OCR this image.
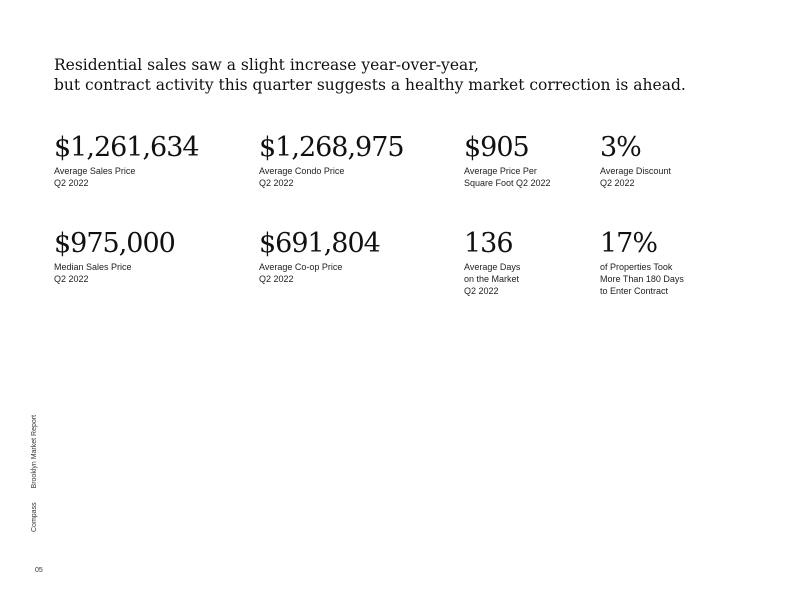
Residential sales saw a slight increase year-over-year,
but contract activity this quarter suggests a healthy market correction is ahead.
$1,261,634
Average Sales Price
Q2 2022
$1,268,975
Average Condo Price
Q2 2022
$905
Average Price Per
Square Foot Q2 2022
3%
Average Discount
Q2 2022
$975,000
Median Sales Price
Q2 2022
$691,804
Average Co-op Price
Q2 2022
136
Average Days
on the Market
Q2 2022
17%
of Properties Took
More Than 180 Days
to Enter Contract
Compass Brooklyn Market Report
05
